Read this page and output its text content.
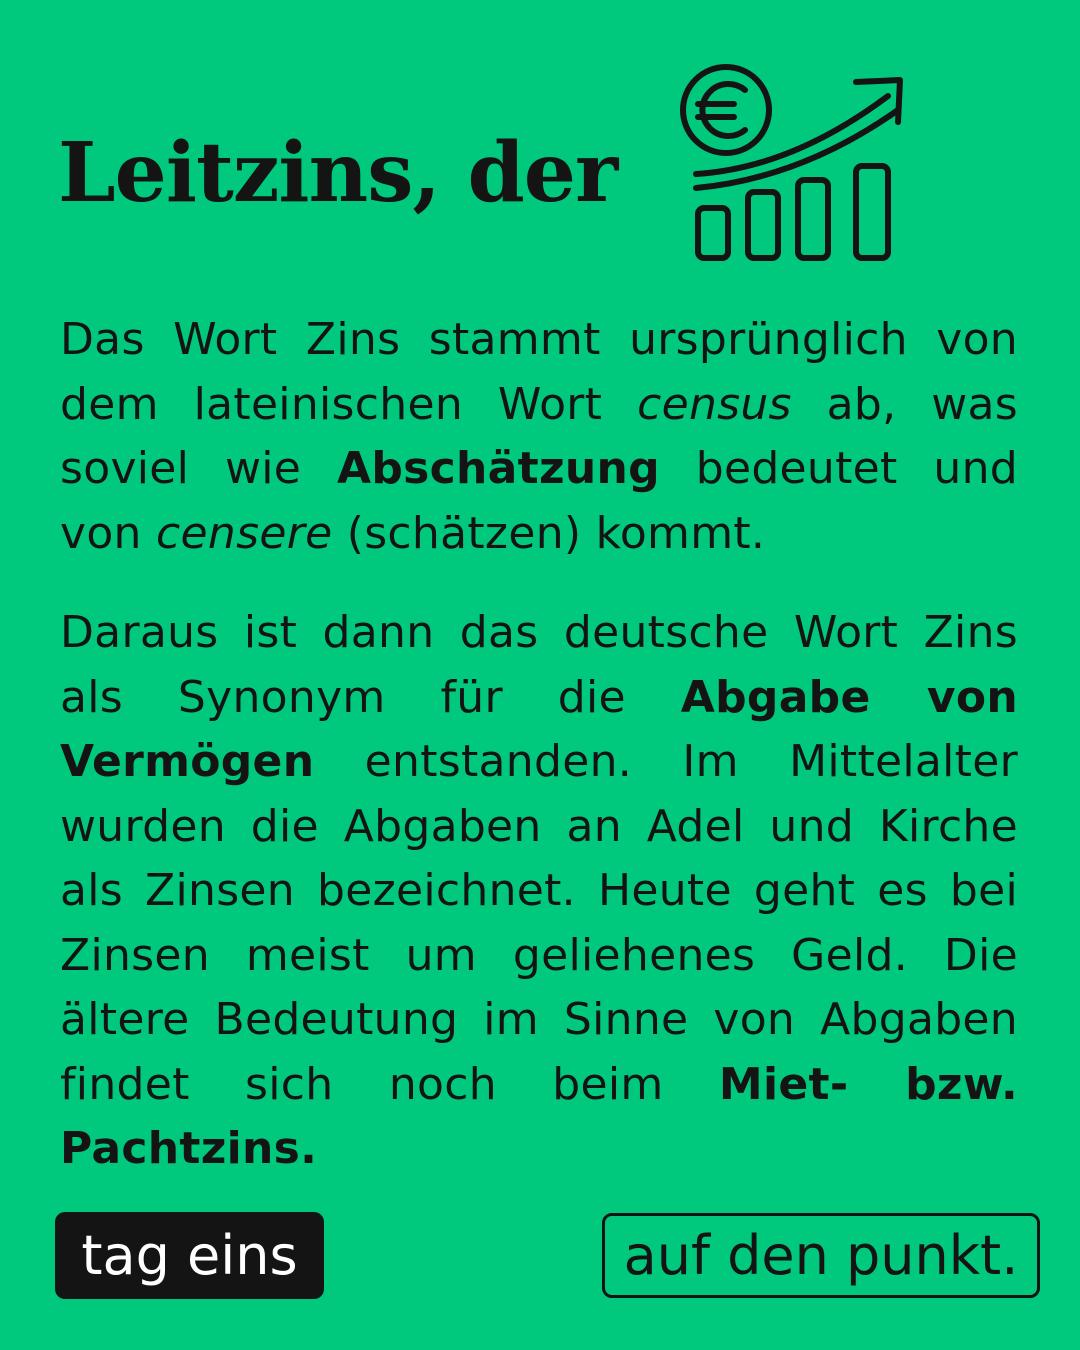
Leitzins, der

Das Wort Zins stammt ursprünglich von dem lateinischen Wort census ab, was soviel wie Abschätzung bedeutet und von censere (schätzen) kommt.

Daraus ist dann das deutsche Wort Zins als Synonym für die Abgabe von Vermögen entstanden. Im Mittelalter wurden die Abgaben an Adel und Kirche als Zinsen bezeichnet. Heute geht es bei Zinsen meist um geliehenes Geld. Die ältere Bedeutung im Sinne von Abgaben findet sich noch beim Miet- bzw. Pachtzins.

tag eins	auf den punkt.
